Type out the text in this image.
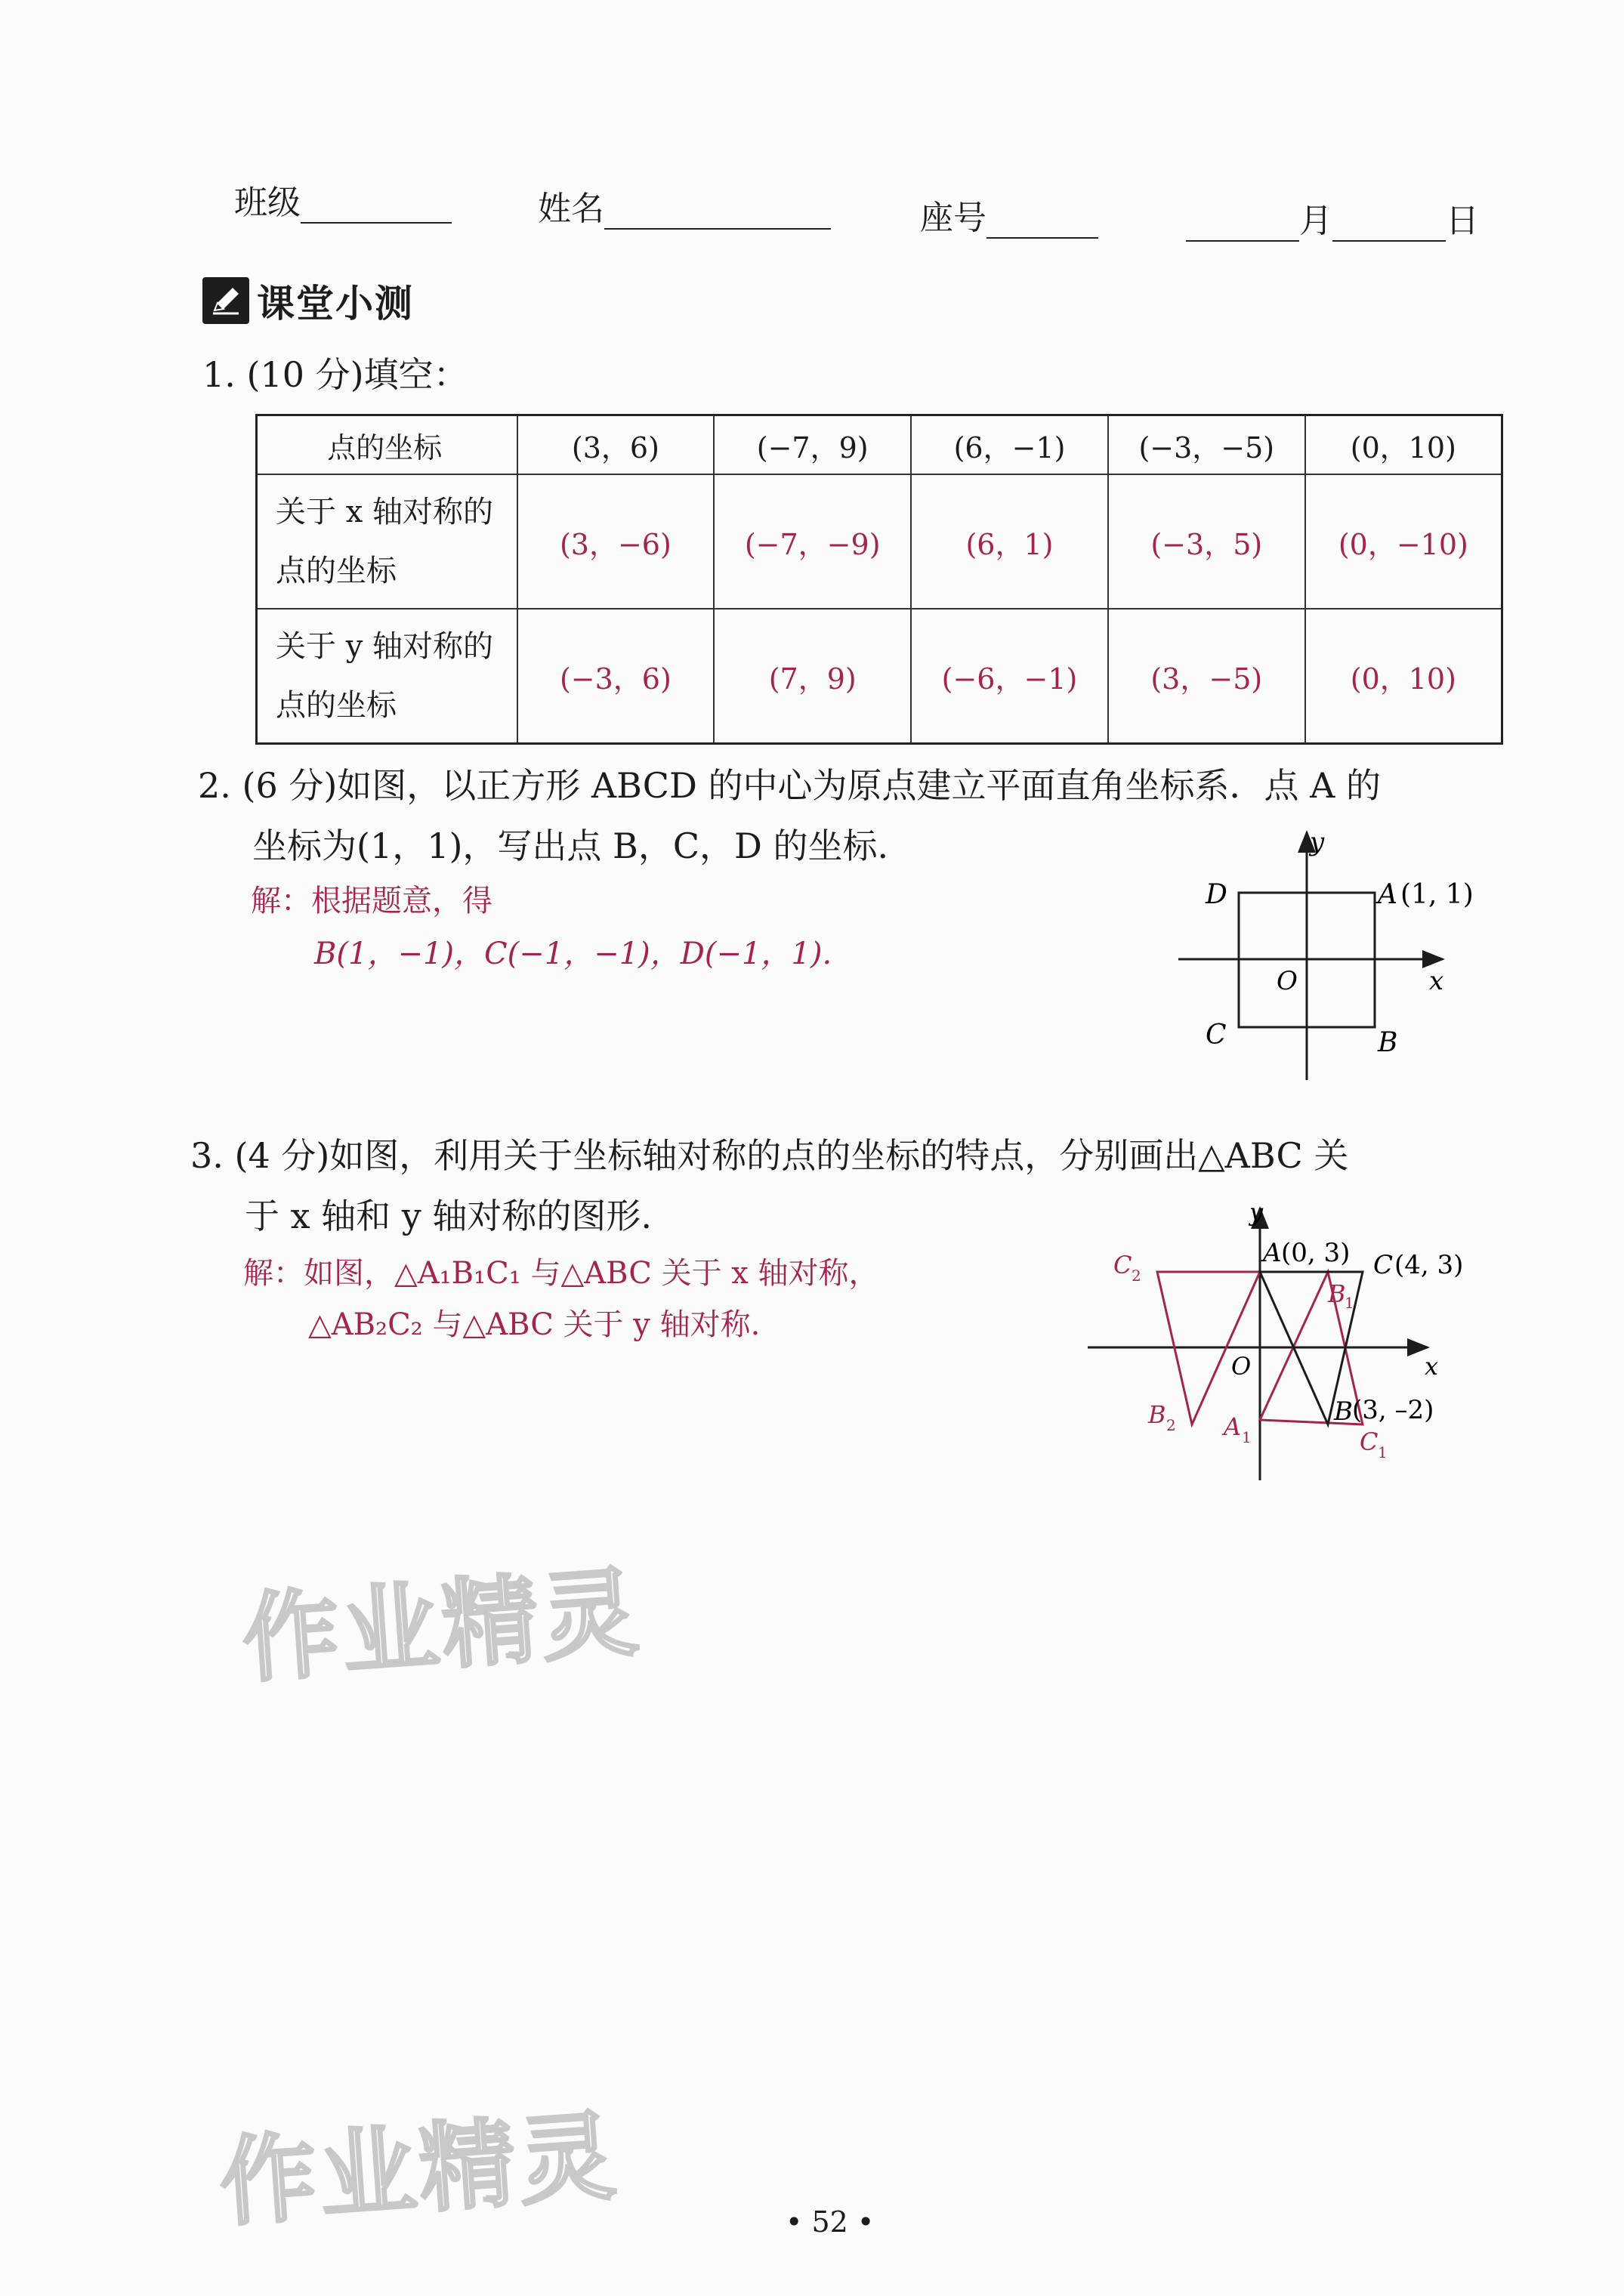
班级	姓名	座号	月	日
课堂小测
1. (10 分)填空：
点的坐标	(3，6)	(−7，9)	(6，−1)	(−3，−5)	(0，10)
关于 x 轴对称的点的坐标	(3，−6)	(−7，−9)	(6，1)	(−3，5)	(0，−10)
关于 y 轴对称的点的坐标	(−3，6)	(7，9)	(−6，−1)	(3，−5)	(0，10)
2. (6 分)如图，以正方形 ABCD 的中心为原点建立平面直角坐标系．点 A 的
坐标为(1，1)，写出点 B，C，D 的坐标.
解：根据题意，得
B(1，−1)，C(−1，−1)，D(−1，1).
y
x
O
D	A (1, 1)
C	B
3. (4 分)如图，利用关于坐标轴对称的点的坐标的特点，分别画出△ABC 关
于 x 轴和 y 轴对称的图形.
解：如图，△A₁B₁C₁ 与△ABC 关于 x 轴对称，
△AB₂C₂ 与△ABC 关于 y 轴对称.
y
x
O
A (0, 3) C (4, 3)
B (3, –2)
B
1
C 1
A 1
B 2
C 2
作业精灵
作业精灵	• 52 •
